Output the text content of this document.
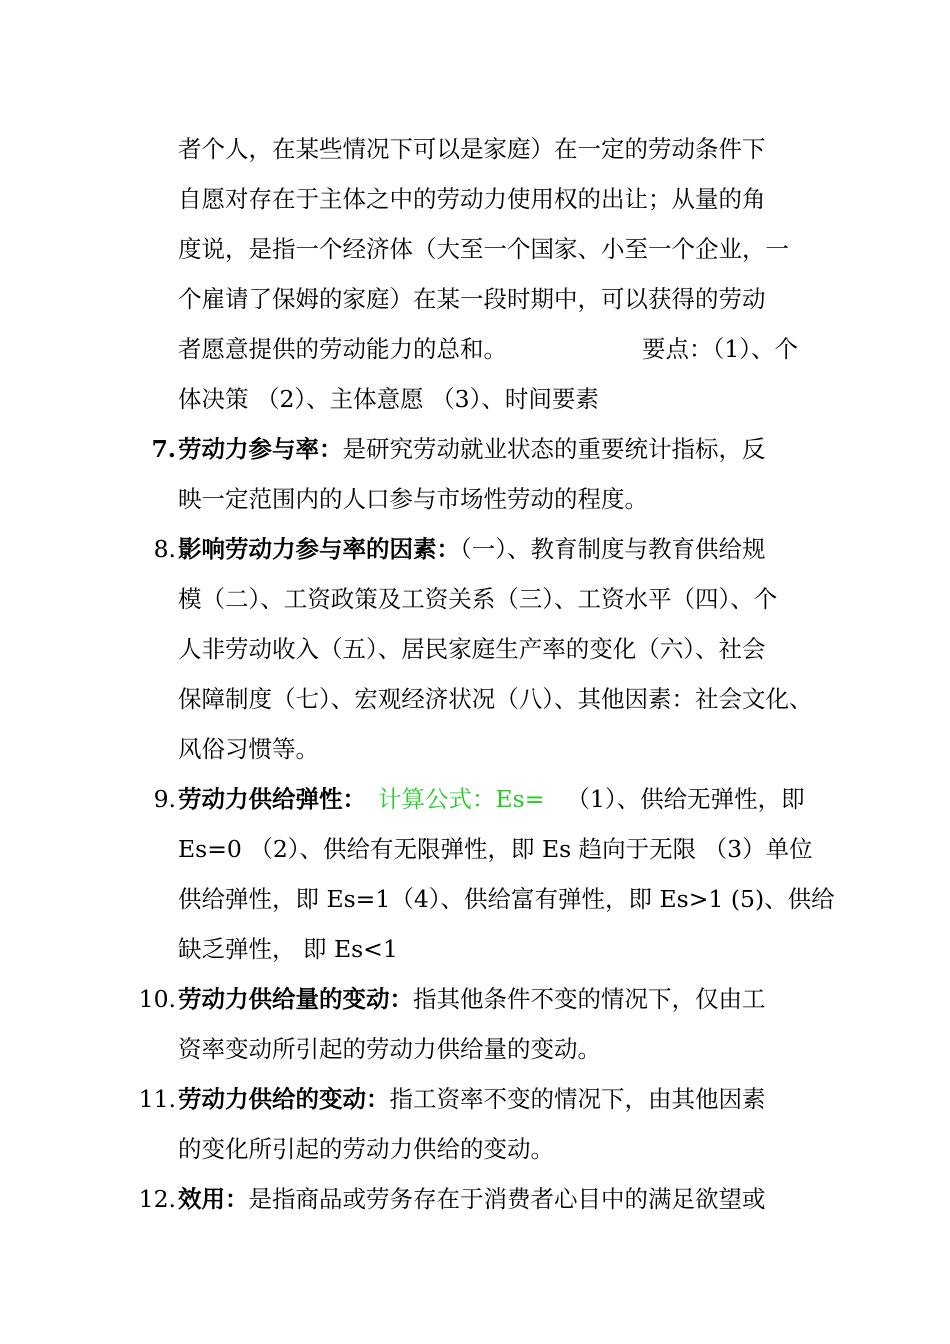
者个人，在某些情况下可以是家庭）在一定的劳动条件下
自愿对存在于主体之中的劳动力使用权的出让；从量的角
度说，是指一个经济体（大至一个国家、小至一个企业，一
个雇请了保姆的家庭）在某一段时期中，可以获得的劳动
者愿意提供的劳动能力的总和。	要点：（1）、个
体决策 （2）、主体意愿 （3）、时间要素
7. 劳动力参与率：是研究劳动就业状态的重要统计指标，反
映一定范围内的人口参与市场性劳动的程度。
8. 影响劳动力参与率的因素：（一）、教育制度与教育供给规
模（二）、工资政策及工资关系（三）、工资水平（四）、个
人非劳动收入（五）、居民家庭生产率的变化（六）、社会
保障制度（七）、宏观经济状况（八）、其他因素：社会文化、
风俗习惯等。
9. 劳动力供给弹性： 计算公式：Es= （1）、供给无弹性，即
Es=0 （2）、供给有无限弹性，即 Es 趋向于无限 （3）单位
供给弹性，即 Es=1（4）、供给富有弹性，即 Es>1 (5)、供给
缺乏弹性， 即 Es<1
10. 劳动力供给量的变动：指其他条件不变的情况下，仅由工
资率变动所引起的劳动力供给量的变动。
11. 劳动力供给的变动：指工资率不变的情况下，由其他因素
的变化所引起的劳动力供给的变动。
12. 效用：是指商品或劳务存在于消费者心目中的满足欲望或
